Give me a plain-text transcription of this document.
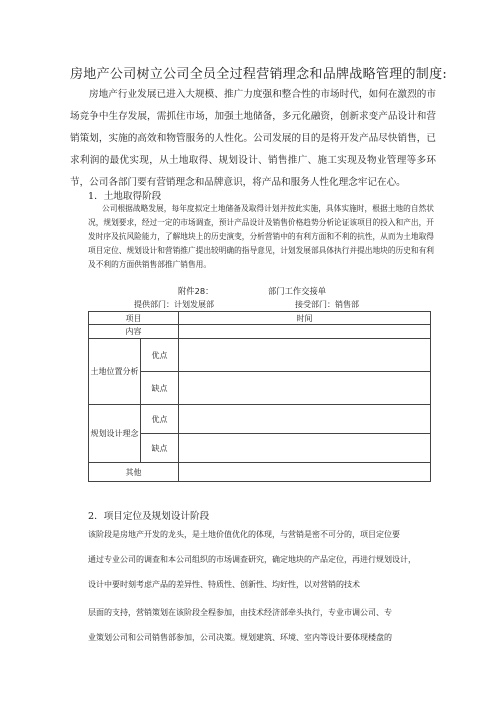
房地产公司树立公司全员全过程营销理念和品牌战略管理的制度:

房地产行业发展已进入大规模、推广力度强和整合性的市场时代，如何在激烈的市场竞争中生存发展，需抓住市场，加强土地储备，多元化融资，创新求变产品设计和营销策划，实施的高效和物管服务的人性化。公司发展的目的是将开发产品尽快销售，已求利润的最优实现，从土地取得、规划设计、销售推广、施工实现及物业管理等多环节，公司各部门要有营销理念和品牌意识，将产品和服务人性化理念牢记在心。

1．土地取得阶段

公司根据战略发展，每年度拟定土地储备及取得计划并按此实施，具体实施时，根据土地的自然状况，规划要求，经过一定的市场调查，预计产品设计及销售价格趋势分析论证该项目的投入和产出，开发时序及抗风险能力，了解地块上的历史演变，分析营销中的有利方面和不利的抗性，从而为土地取得项目定位、规划设计和营销推广提出较明确的指导意见，计划发展部具体执行并提出地块的历史和有利及不利的方面供销售部推广销售用。

附件28：	部门工作交接单
提供部门：计划发展部	接受部门：销售部
项目		时间
内容		
土地位置分析	优点	
	缺点	
规划设计理念	优点	
	缺点	
其他		
2．项目定位及规划设计阶段

该阶段是房地产开发的龙头，是土地价值优化的体现，与营销是密不可分的，项目定位要

通过专业公司的调查和本公司组织的市场调查研究，确定地块的产品定位，再进行规划设计，

设计中要时刻考虑产品的差异性、特质性、创新性、均好性，以对营销的技术

层面的支持，营销策划在该阶段全程参加，由技术经济部牵头执行，专业市调公司、专

业策划公司和公司销售部参加，公司决策。规划建筑、环境、室内等设计要体现楼盘的
